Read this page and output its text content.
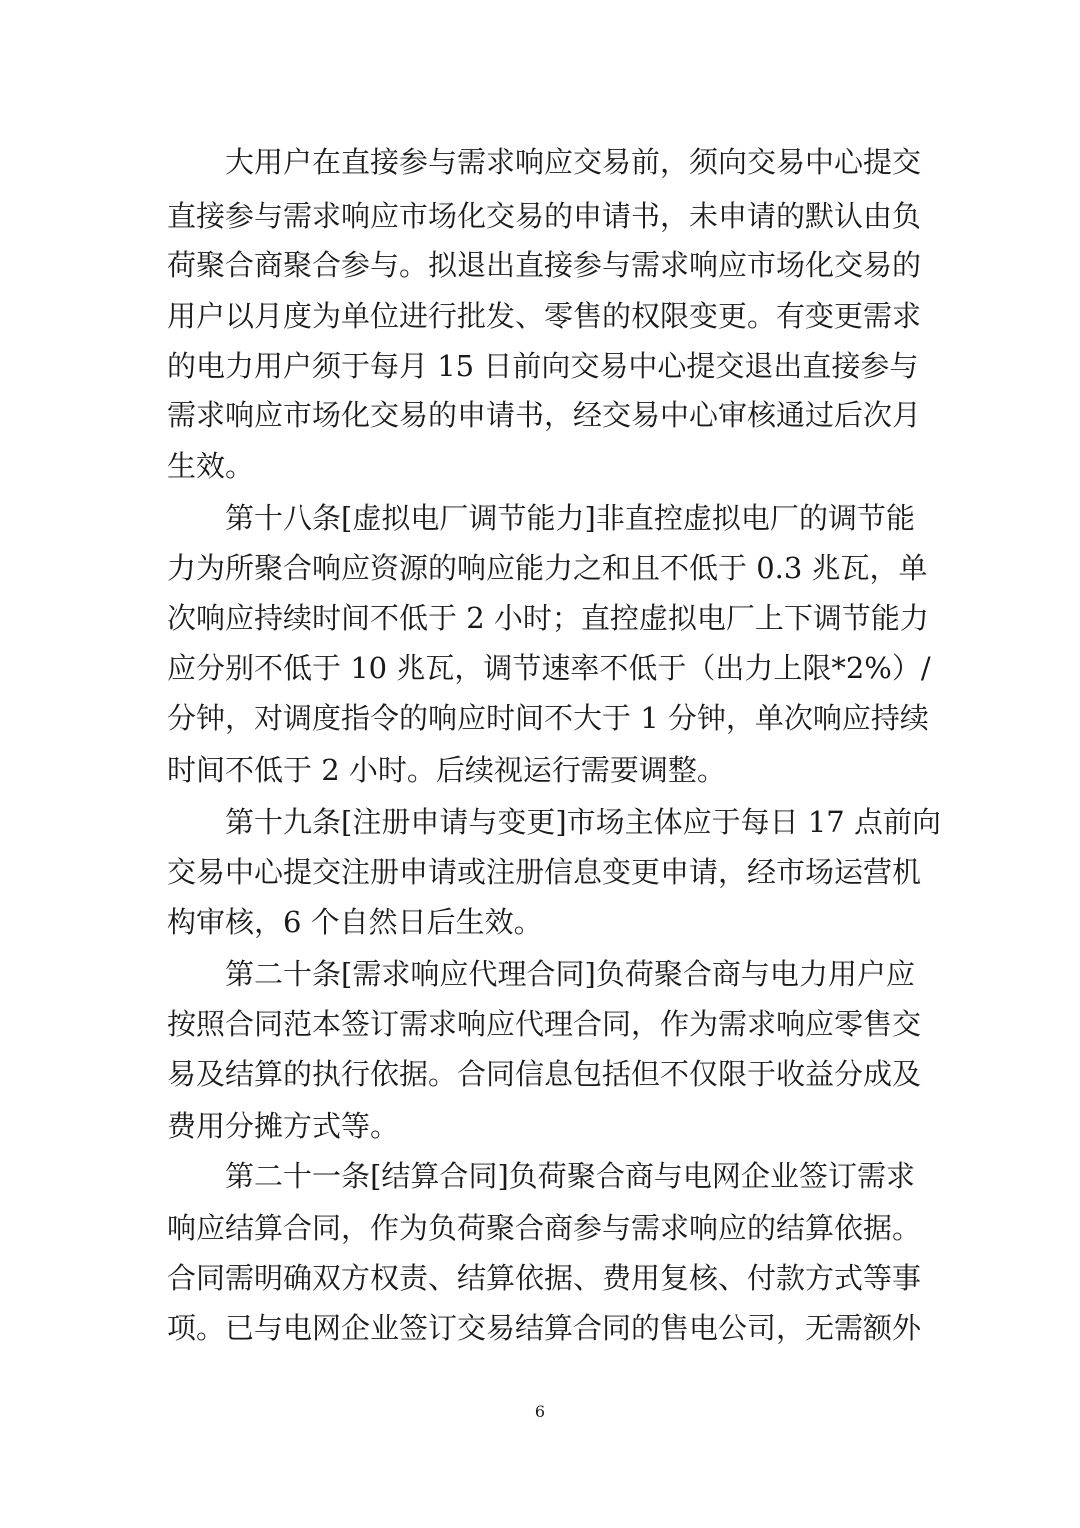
大用户在直接参与需求响应交易前，须向交易中心提交
直接参与需求响应市场化交易的申请书，未申请的默认由负
荷聚合商聚合参与。拟退出直接参与需求响应市场化交易的
用户以月度为单位进行批发、零售的权限变更。有变更需求
的电力用户须于每月 15 日前向交易中心提交退出直接参与
需求响应市场化交易的申请书，经交易中心审核通过后次月
生效。
第十八条[虚拟电厂调节能力]非直控虚拟电厂的调节能
力为所聚合响应资源的响应能力之和且不低于 0.3 兆瓦，单
次响应持续时间不低于 2 小时；直控虚拟电厂上下调节能力
应分别不低于 10 兆瓦，调节速率不低于（出力上限*2%）/
分钟，对调度指令的响应时间不大于 1 分钟，单次响应持续
时间不低于 2 小时。后续视运行需要调整。
第十九条[注册申请与变更]市场主体应于每日 17 点前向
交易中心提交注册申请或注册信息变更申请，经市场运营机
构审核，6 个自然日后生效。
第二十条[需求响应代理合同]负荷聚合商与电力用户应
按照合同范本签订需求响应代理合同，作为需求响应零售交
易及结算的执行依据。合同信息包括但不仅限于收益分成及
费用分摊方式等。
第二十一条[结算合同]负荷聚合商与电网企业签订需求
响应结算合同，作为负荷聚合商参与需求响应的结算依据。
合同需明确双方权责、结算依据、费用复核、付款方式等事
项。已与电网企业签订交易结算合同的售电公司，无需额外
6
